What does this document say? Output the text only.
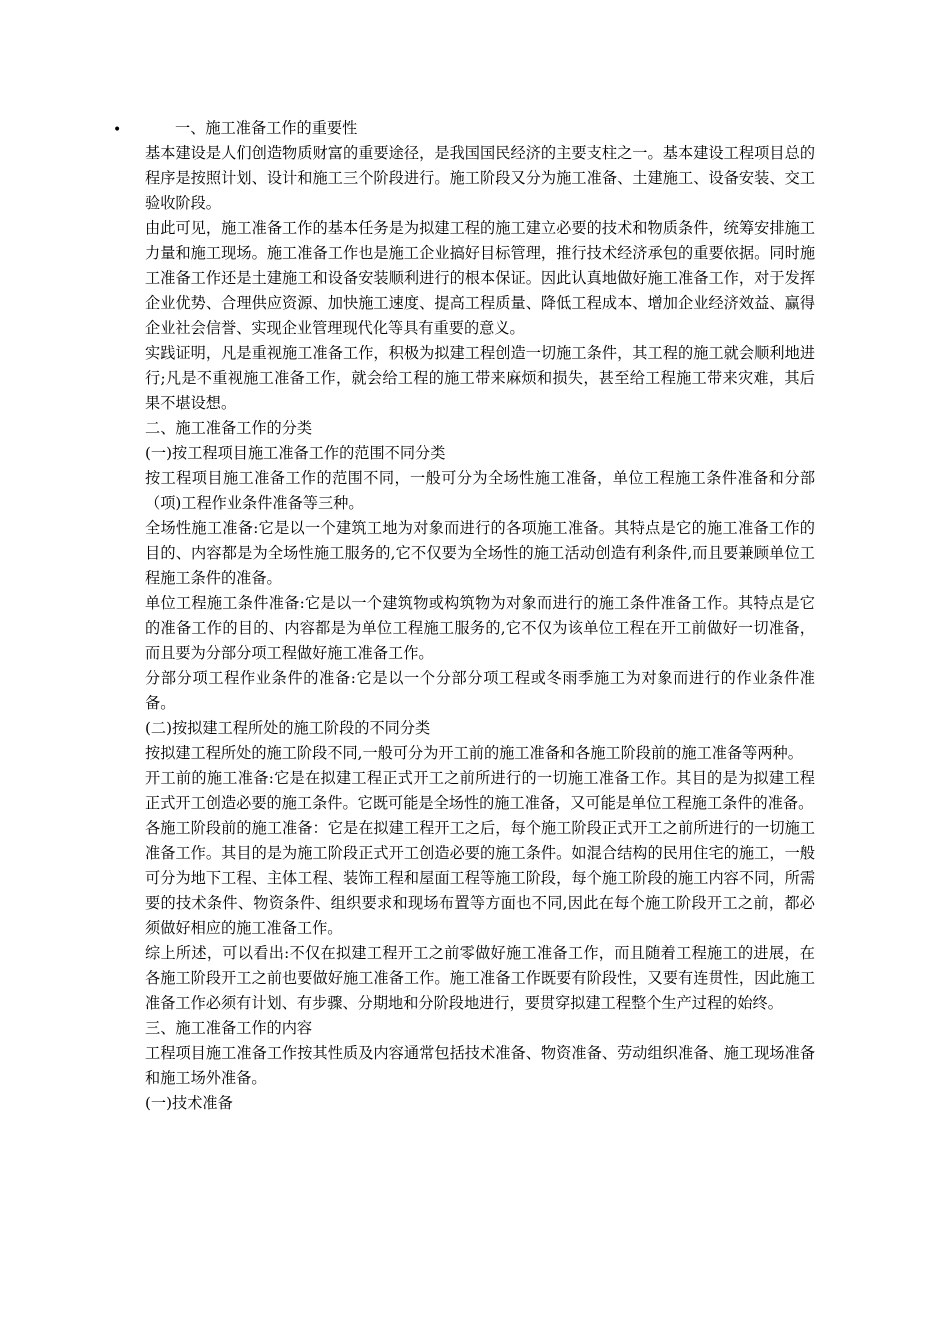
•	一、施工准备工作的重要性

基本建设是人们创造物质财富的重要途径，是我国国民经济的主要支柱之一。基本建设工程项目总的程序是按照计划、设计和施工三个阶段进行。施工阶段又分为施工准备、土建施工、设备安装、交工验收阶段。

由此可见，施工准备工作的基本任务是为拟建工程的施工建立必要的技术和物质条件，统筹安排施工力量和施工现场。施工准备工作也是施工企业搞好目标管理，推行技术经济承包的重要依据。同时施工准备工作还是土建施工和设备安装顺利进行的根本保证。因此认真地做好施工准备工作，对于发挥企业优势、合理供应资源、加快施工速度、提高工程质量、降低工程成本、增加企业经济效益、赢得企业社会信誉、实现企业管理现代化等具有重要的意义。

实践证明，凡是重视施工准备工作，积极为拟建工程创造一切施工条件，其工程的施工就会顺利地进行;凡是不重视施工准备工作，就会给工程的施工带来麻烦和损失，甚至给工程施工带来灾难，其后果不堪设想。

二、施工准备工作的分类

(一)按工程项目施工准备工作的范围不同分类

按工程项目施工准备工作的范围不同，一般可分为全场性施工准备，单位工程施工条件准备和分部（项)工程作业条件准备等三种。

全场性施工准备:它是以一个建筑工地为对象而进行的各项施工准备。其特点是它的施工准备工作的目的、内容都是为全场性施工服务的,它不仅要为全场性的施工活动创造有利条件,而且要兼顾单位工程施工条件的准备。

单位工程施工条件准备:它是以一个建筑物或构筑物为对象而进行的施工条件准备工作。其特点是它的准备工作的目的、内容都是为单位工程施工服务的,它不仅为该单位工程在开工前做好一切准备，而且要为分部分项工程做好施工准备工作。

分部分项工程作业条件的准备:它是以一个分部分项工程或冬雨季施工为对象而进行的作业条件准备。

(二)按拟建工程所处的施工阶段的不同分类

按拟建工程所处的施工阶段不同,一般可分为开工前的施工准备和各施工阶段前的施工准备等两种。

开工前的施工准备:它是在拟建工程正式开工之前所进行的一切施工准备工作。其目的是为拟建工程正式开工创造必要的施工条件。它既可能是全场性的施工准备，又可能是单位工程施工条件的准备。

各施工阶段前的施工准备：它是在拟建工程开工之后，每个施工阶段正式开工之前所进行的一切施工准备工作。其目的是为施工阶段正式开工创造必要的施工条件。如混合结构的民用住宅的施工，一般可分为地下工程、主体工程、装饰工程和屋面工程等施工阶段，每个施工阶段的施工内容不同，所需要的技术条件、物资条件、组织要求和现场布置等方面也不同,因此在每个施工阶段开工之前，都必须做好相应的施工准备工作。

综上所述，可以看出:不仅在拟建工程开工之前零做好施工准备工作，而且随着工程施工的进展，在各施工阶段开工之前也要做好施工准备工作。施工准备工作既要有阶段性，又要有连贯性，因此施工准备工作必须有计划、有步骤、分期地和分阶段地进行，要贯穿拟建工程整个生产过程的始终。

三、施工准备工作的内容

工程项目施工准备工作按其性质及内容通常包括技术准备、物资准备、劳动组织准备、施工现场准备和施工场外准备。

(一)技术准备
